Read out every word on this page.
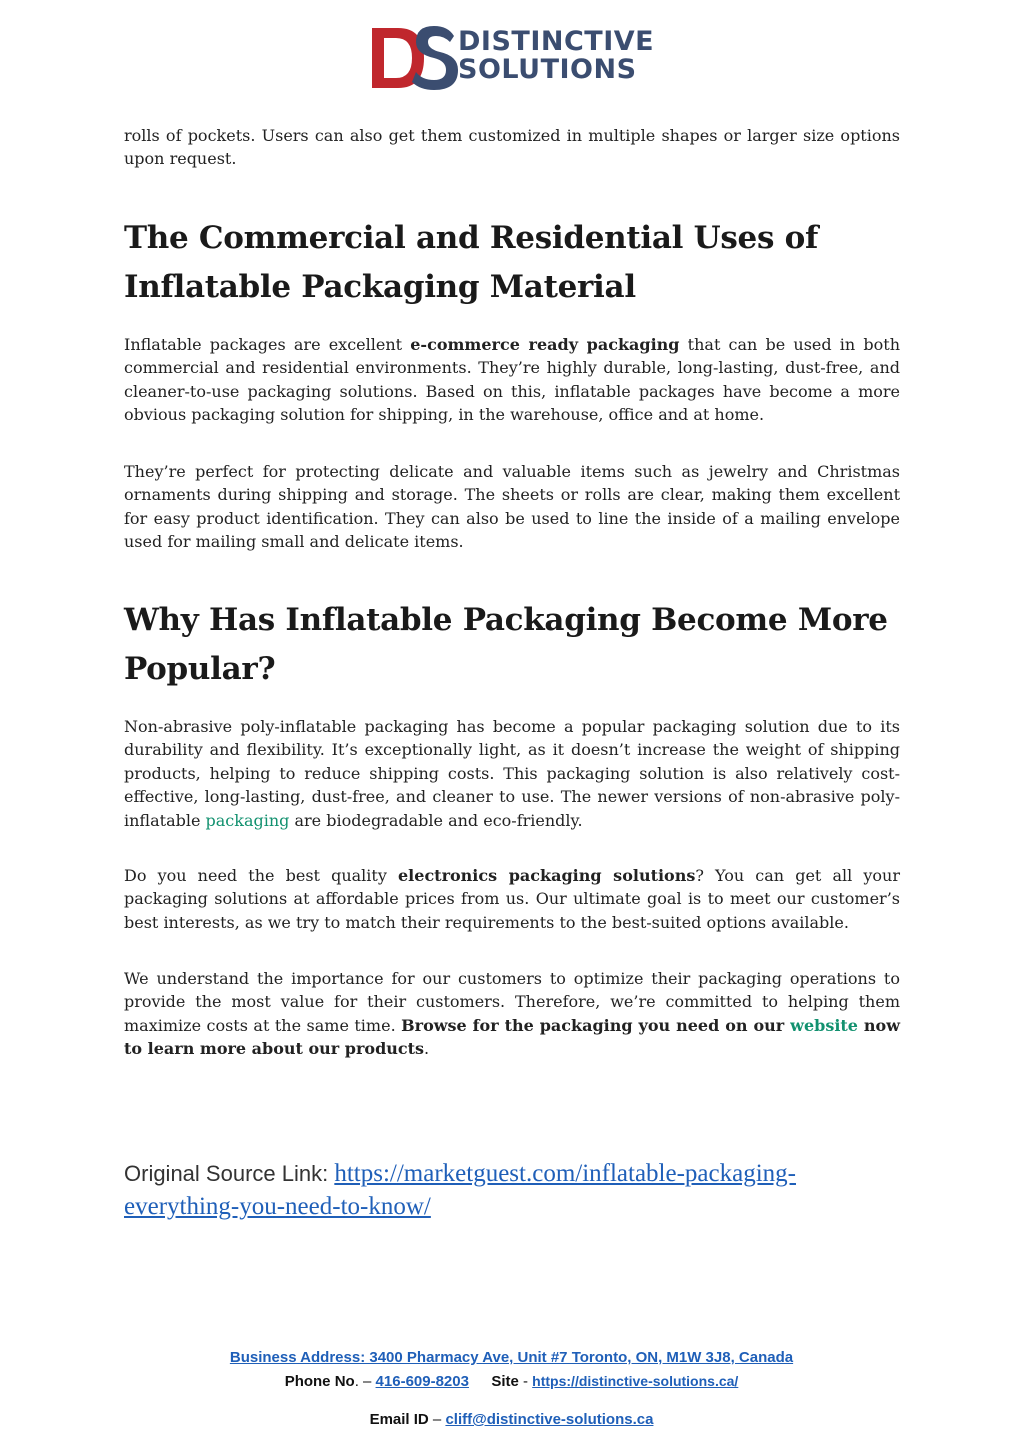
DISTINCTIVE
SOLUTIONS

rolls of pockets. Users can also get them customized in multiple shapes or larger size options upon request.

The Commercial and Residential Uses of Inflatable Packaging Material

Inflatable packages are excellent e-commerce ready packaging that can be used in both commercial and residential environments. They’re highly durable, long-lasting, dust-free, and cleaner-to-use packaging solutions. Based on this, inflatable packages have become a more obvious packaging solution for shipping, in the warehouse, office and at home.

They’re perfect for protecting delicate and valuable items such as jewelry and Christmas ornaments during shipping and storage. The sheets or rolls are clear, making them excellent for easy product identification. They can also be used to line the inside of a mailing envelope used for mailing small and delicate items.

Why Has Inflatable Packaging Become More Popular?

Non-abrasive poly-inflatable packaging has become a popular packaging solution due to its durability and flexibility. It’s exceptionally light, as it doesn’t increase the weight of shipping products, helping to reduce shipping costs. This packaging solution is also relatively cost-effective, long-lasting, dust-free, and cleaner to use. The newer versions of non-abrasive poly-inflatable packaging are biodegradable and eco-friendly.

Do you need the best quality electronics packaging solutions? You can get all your packaging solutions at affordable prices from us. Our ultimate goal is to meet our customer’s best interests, as we try to match their requirements to the best-suited options available.

We understand the importance for our customers to optimize their packaging operations to provide the most value for their customers. Therefore, we’re committed to helping them maximize costs at the same time. Browse for the packaging you need on our website now to learn more about our products.

Original Source Link: https://marketguest.com/inflatable-packaging-everything-you-need-to-know/
Business Address: 3400 Pharmacy Ave, Unit #7 Toronto, ON, M1W 3J8, Canada
Phone No. – 416-609-8203 Site - https://distinctive-solutions.ca/
Email ID – cliff@distinctive-solutions.ca
